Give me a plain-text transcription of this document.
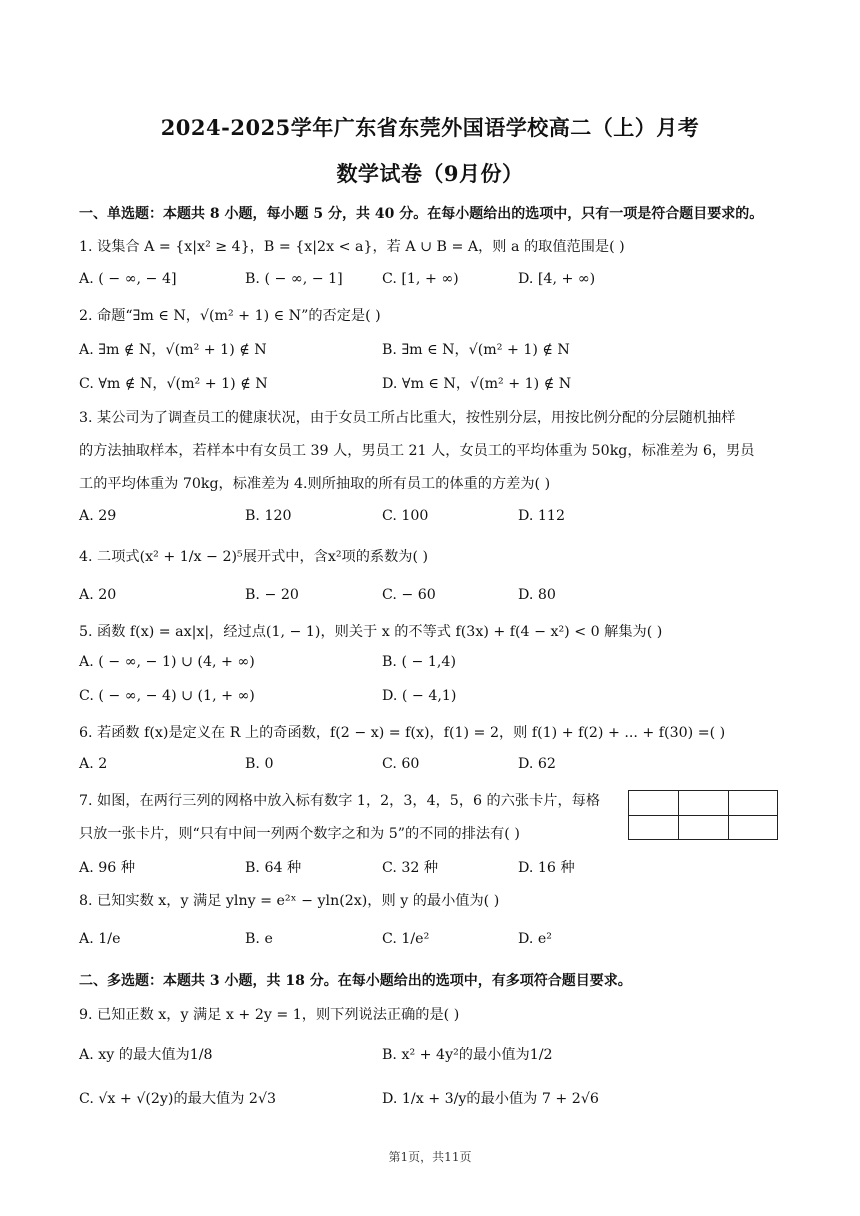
2024-2025学年广东省东莞外国语学校高二（上）月考
数学试卷（9月份）
一、单选题：本题共 8 小题，每小题 5 分，共 40 分。在每小题给出的选项中，只有一项是符合题目要求的。
1. 设集合 A = {x|x² ≥ 4}，B = {x|2x < a}，若 A ∪ B = A，则 a 的取值范围是( )
A. ( − ∞, − 4]	B. ( − ∞, − 1]	C. [1, + ∞)	D. [4, + ∞)
2. 命题“∃m ∈ N，√(m² + 1) ∈ N”的否定是( )
A. ∃m ∉ N，√(m² + 1) ∉ N	B. ∃m ∈ N，√(m² + 1) ∉ N
C. ∀m ∉ N，√(m² + 1) ∉ N	D. ∀m ∈ N，√(m² + 1) ∉ N
3. 某公司为了调查员工的健康状况，由于女员工所占比重大，按性别分层，用按比例分配的分层随机抽样
的方法抽取样本，若样本中有女员工 39 人，男员工 21 人，女员工的平均体重为 50kg，标准差为 6，男员
工的平均体重为 70kg，标准差为 4.则所抽取的所有员工的体重的方差为( )
A. 29	B. 120	C. 100	D. 112
4. 二项式(x² + 1/x − 2)⁵展开式中，含x²项的系数为( )
A. 20	B. − 20	C. − 60	D. 80
5. 函数 f(x) = ax|x|，经过点(1, − 1)，则关于 x 的不等式 f(3x) + f(4 − x²) < 0 解集为( )
A. ( − ∞, − 1) ∪ (4, + ∞)	B. ( − 1,4)
C. ( − ∞, − 4) ∪ (1, + ∞)	D. ( − 4,1)
6. 若函数 f(x)是定义在 R 上的奇函数，f(2 − x) = f(x)，f(1) = 2，则 f(1) + f(2) + ... + f(30) =( )
A. 2	B. 0	C. 60	D. 62
7. 如图，在两行三列的网格中放入标有数字 1，2，3，4，5，6 的六张卡片，每格
只放一张卡片，则“只有中间一列两个数字之和为 5”的不同的排法有( )
A. 96 种	B. 64 种	C. 32 种	D. 16 种
8. 已知实数 x，y 满足 ylny = e²ˣ − yln(2x)，则 y 的最小值为( )
A. 1/e	B. e	C. 1/e²	D. e²
二、多选题：本题共 3 小题，共 18 分。在每小题给出的选项中，有多项符合题目要求。
9. 已知正数 x，y 满足 x + 2y = 1，则下列说法正确的是( )
A. xy 的最大值为1/8	B. x² + 4y²的最小值为1/2
C. √x + √(2y)的最大值为 2√3	D. 1/x + 3/y的最小值为 7 + 2√6
第1页，共11页
